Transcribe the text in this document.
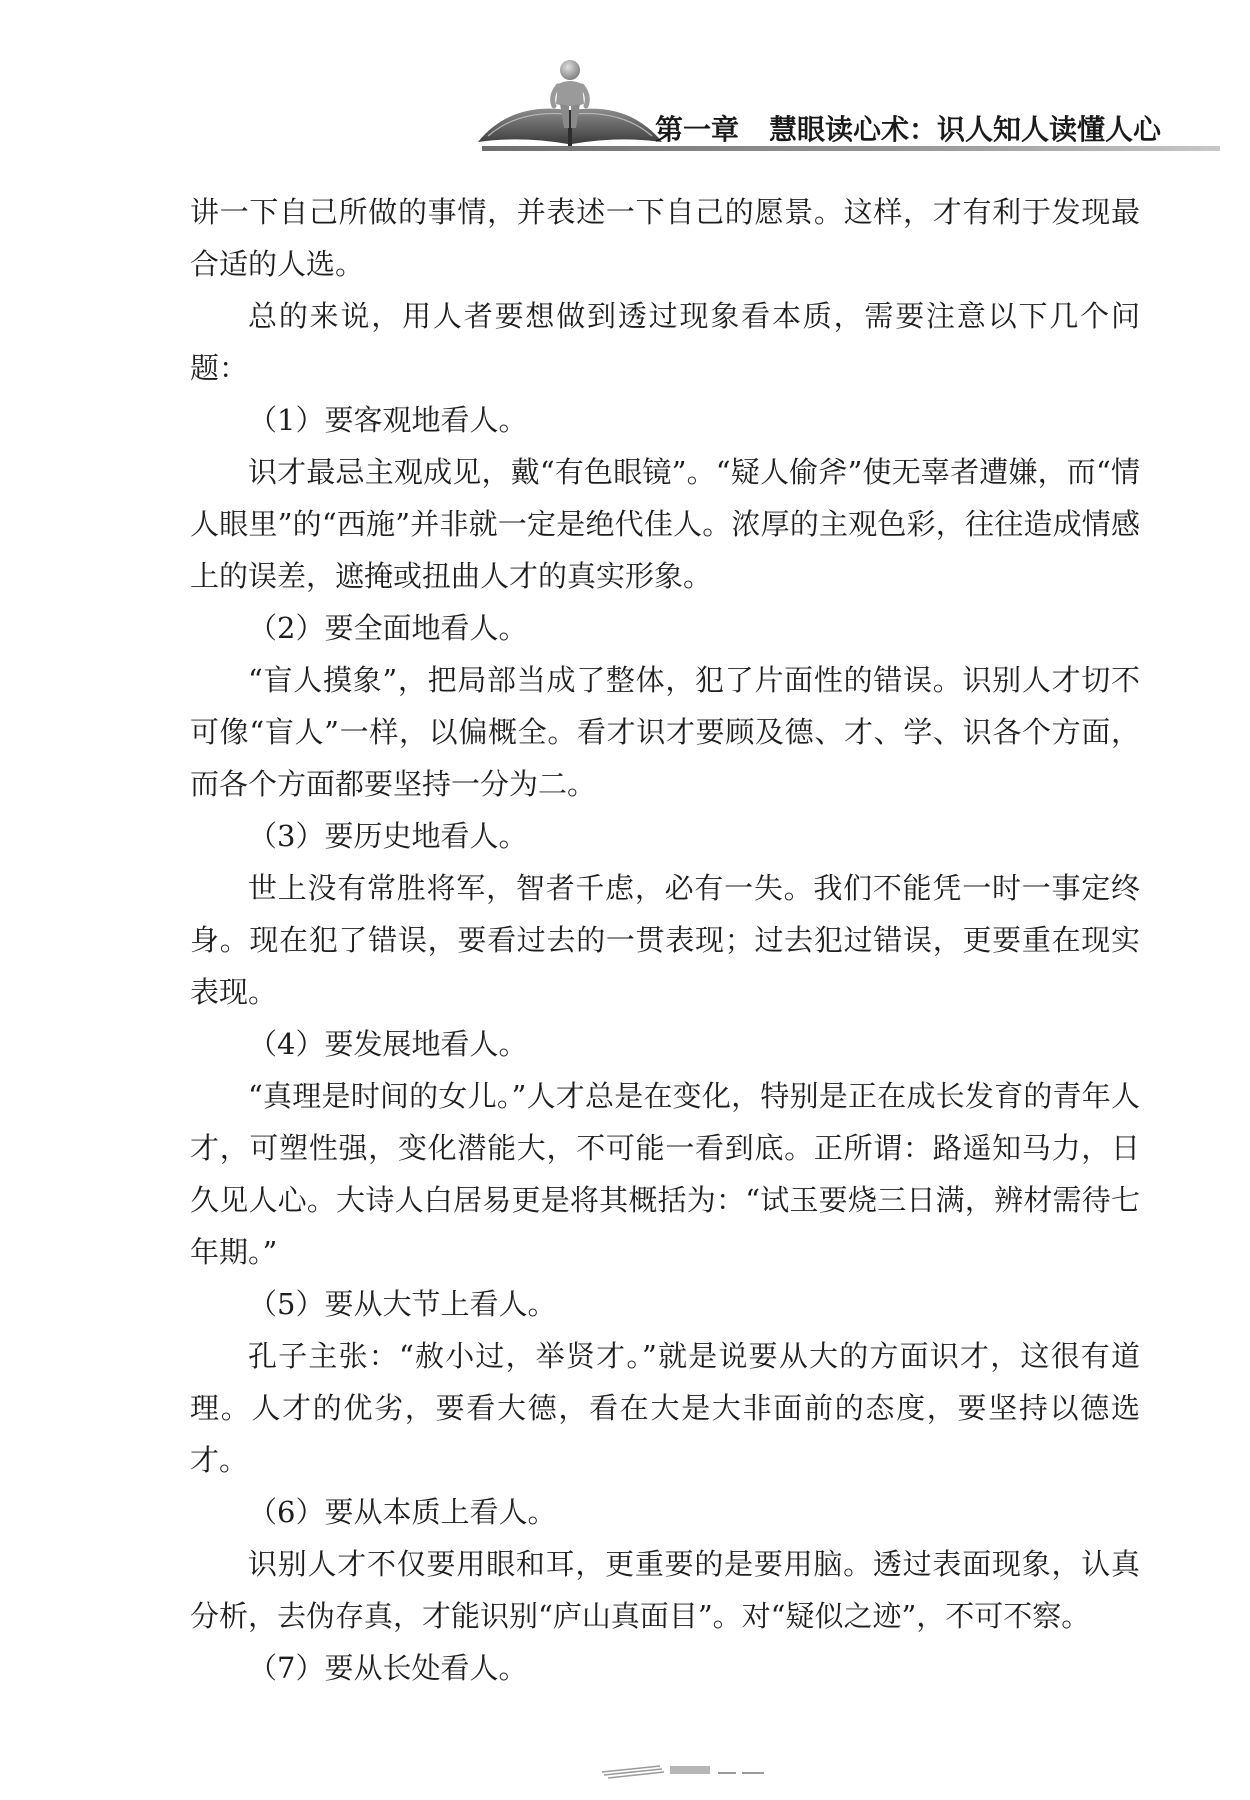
第一章 慧眼读心术：识人知人读懂人心

讲一下自己所做的事情，并表述一下自己的愿景。这样，才有利于发现最合适的人选。

总的来说，用人者要想做到透过现象看本质，需要注意以下几个问题：

（1）要客观地看人。

识才最忌主观成见，戴“有色眼镜”。“疑人偷斧”使无辜者遭嫌，而“情人眼里”的“西施”并非就一定是绝代佳人。浓厚的主观色彩，往往造成情感上的误差，遮掩或扭曲人才的真实形象。

（2）要全面地看人。

“盲人摸象”，把局部当成了整体，犯了片面性的错误。识别人才切不可像“盲人”一样，以偏概全。看才识才要顾及德、才、学、识各个方面，而各个方面都要坚持一分为二。

（3）要历史地看人。

世上没有常胜将军，智者千虑，必有一失。我们不能凭一时一事定终身。现在犯了错误，要看过去的一贯表现；过去犯过错误，更要重在现实表现。

（4）要发展地看人。

“真理是时间的女儿。”人才总是在变化，特别是正在成长发育的青年人才，可塑性强，变化潜能大，不可能一看到底。正所谓：路遥知马力，日久见人心。大诗人白居易更是将其概括为：“试玉要烧三日满，辨材需待七年期。”

（5）要从大节上看人。

孔子主张：“赦小过，举贤才。”就是说要从大的方面识才，这很有道理。人才的优劣，要看大德，看在大是大非面前的态度，要坚持以德选才。

（6）要从本质上看人。

识别人才不仅要用眼和耳，更重要的是要用脑。透过表面现象，认真分析，去伪存真，才能识别“庐山真面目”。对“疑似之迹”，不可不察。

（7）要从长处看人。
